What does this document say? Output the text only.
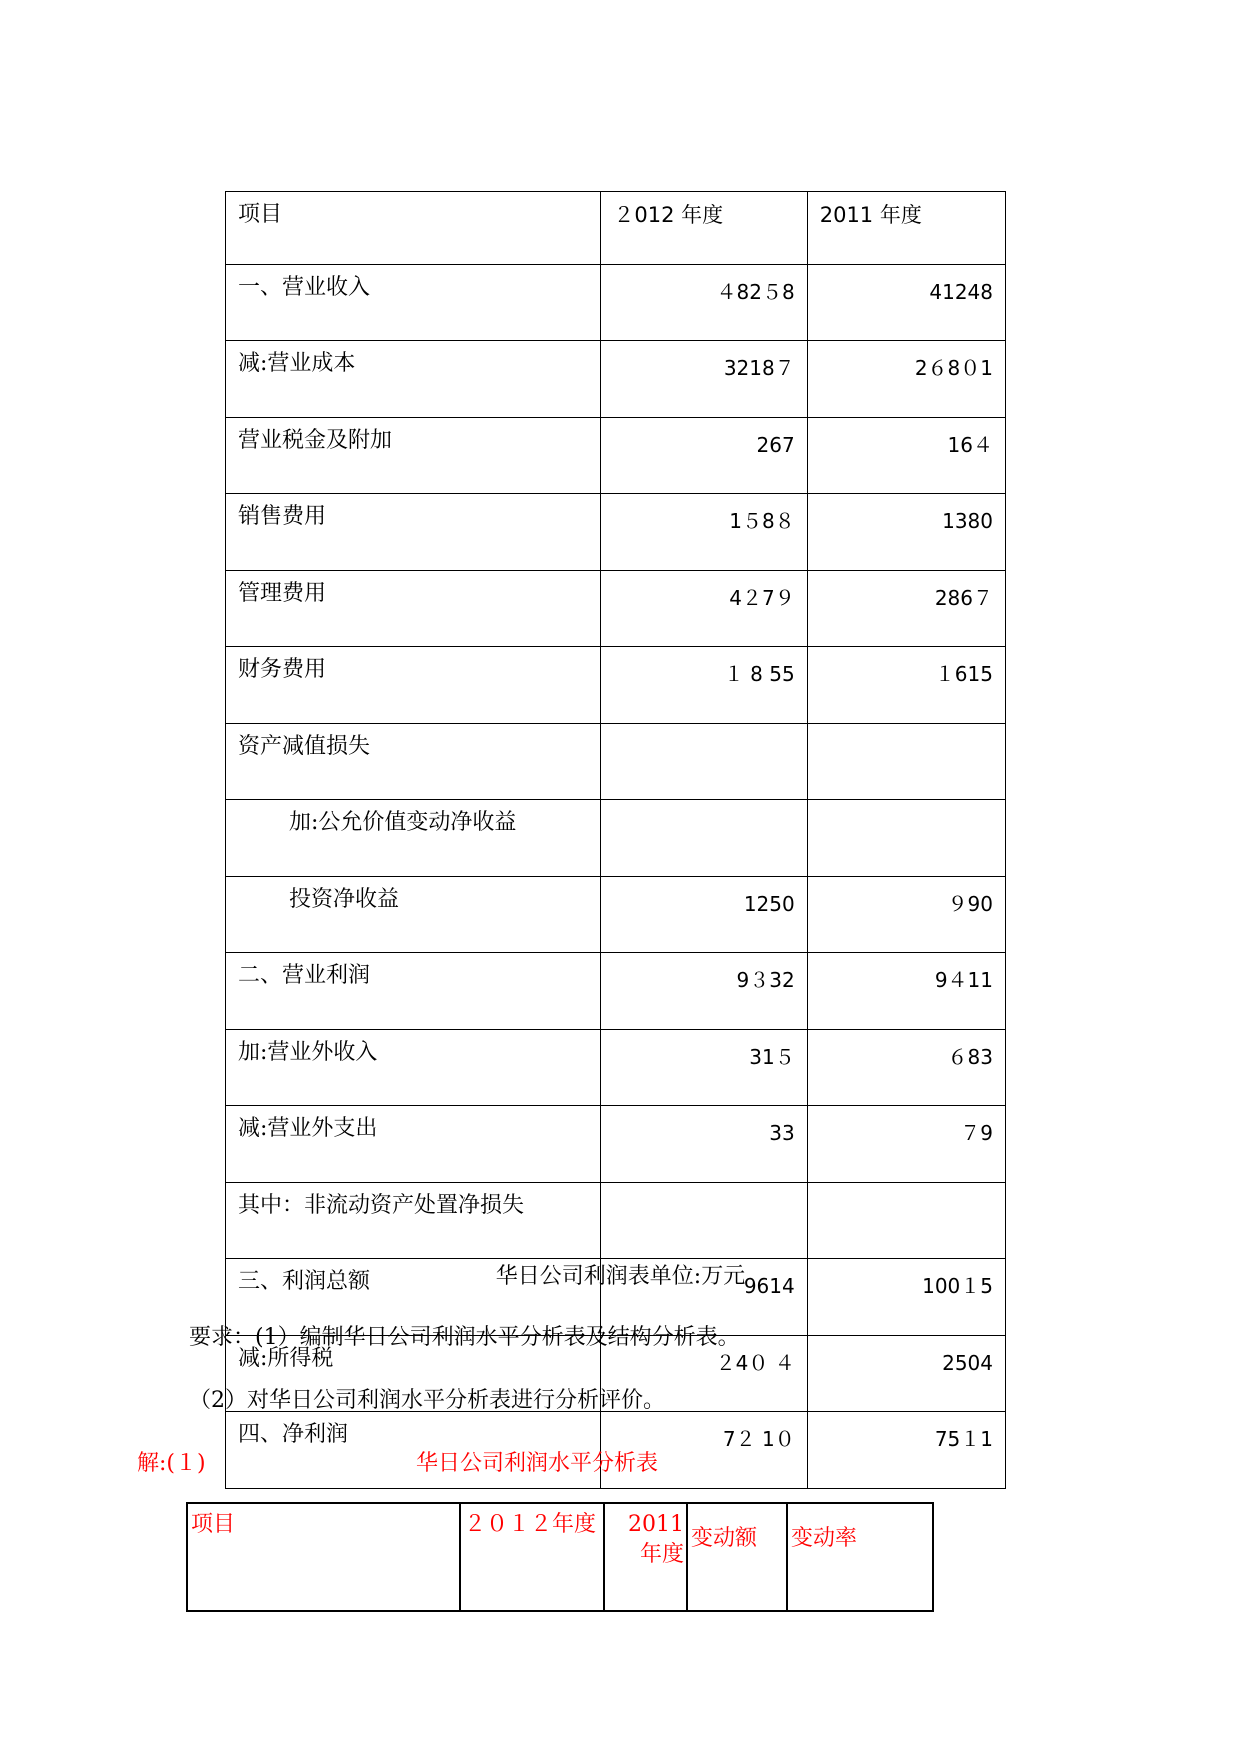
项目	２012 年度	2011 年度
一、营业收入	４82５8	41248
减:营业成本	3218７	2６8０1
营业税金及附加	267	16４
销售费用	1５8８	1380
管理费用	4２7９	286７
财务费用	１ 8 55	１615
资产减值损失		
加:公允价值变动净收益		
投资净收益	1250	９90
二、营业利润	9３32	9４11
加:营业外收入	31５	６83
减:营业外支出	33	７9
其中：非流动资产处置净损失		
三、利润总额	9614	100１5
减:所得税	２4０ ４	2504
四、净利润	7２ 1０	75１1
华日公司利润表单位:万元
要求：(1）编制华日公司利润水平分析表及结构分析表。
（2）对华日公司利润水平分析表进行分析评价。
解:(１)	华日公司利润水平分析表
项目	２０１２年度	2011 年度	变动额	变动率
